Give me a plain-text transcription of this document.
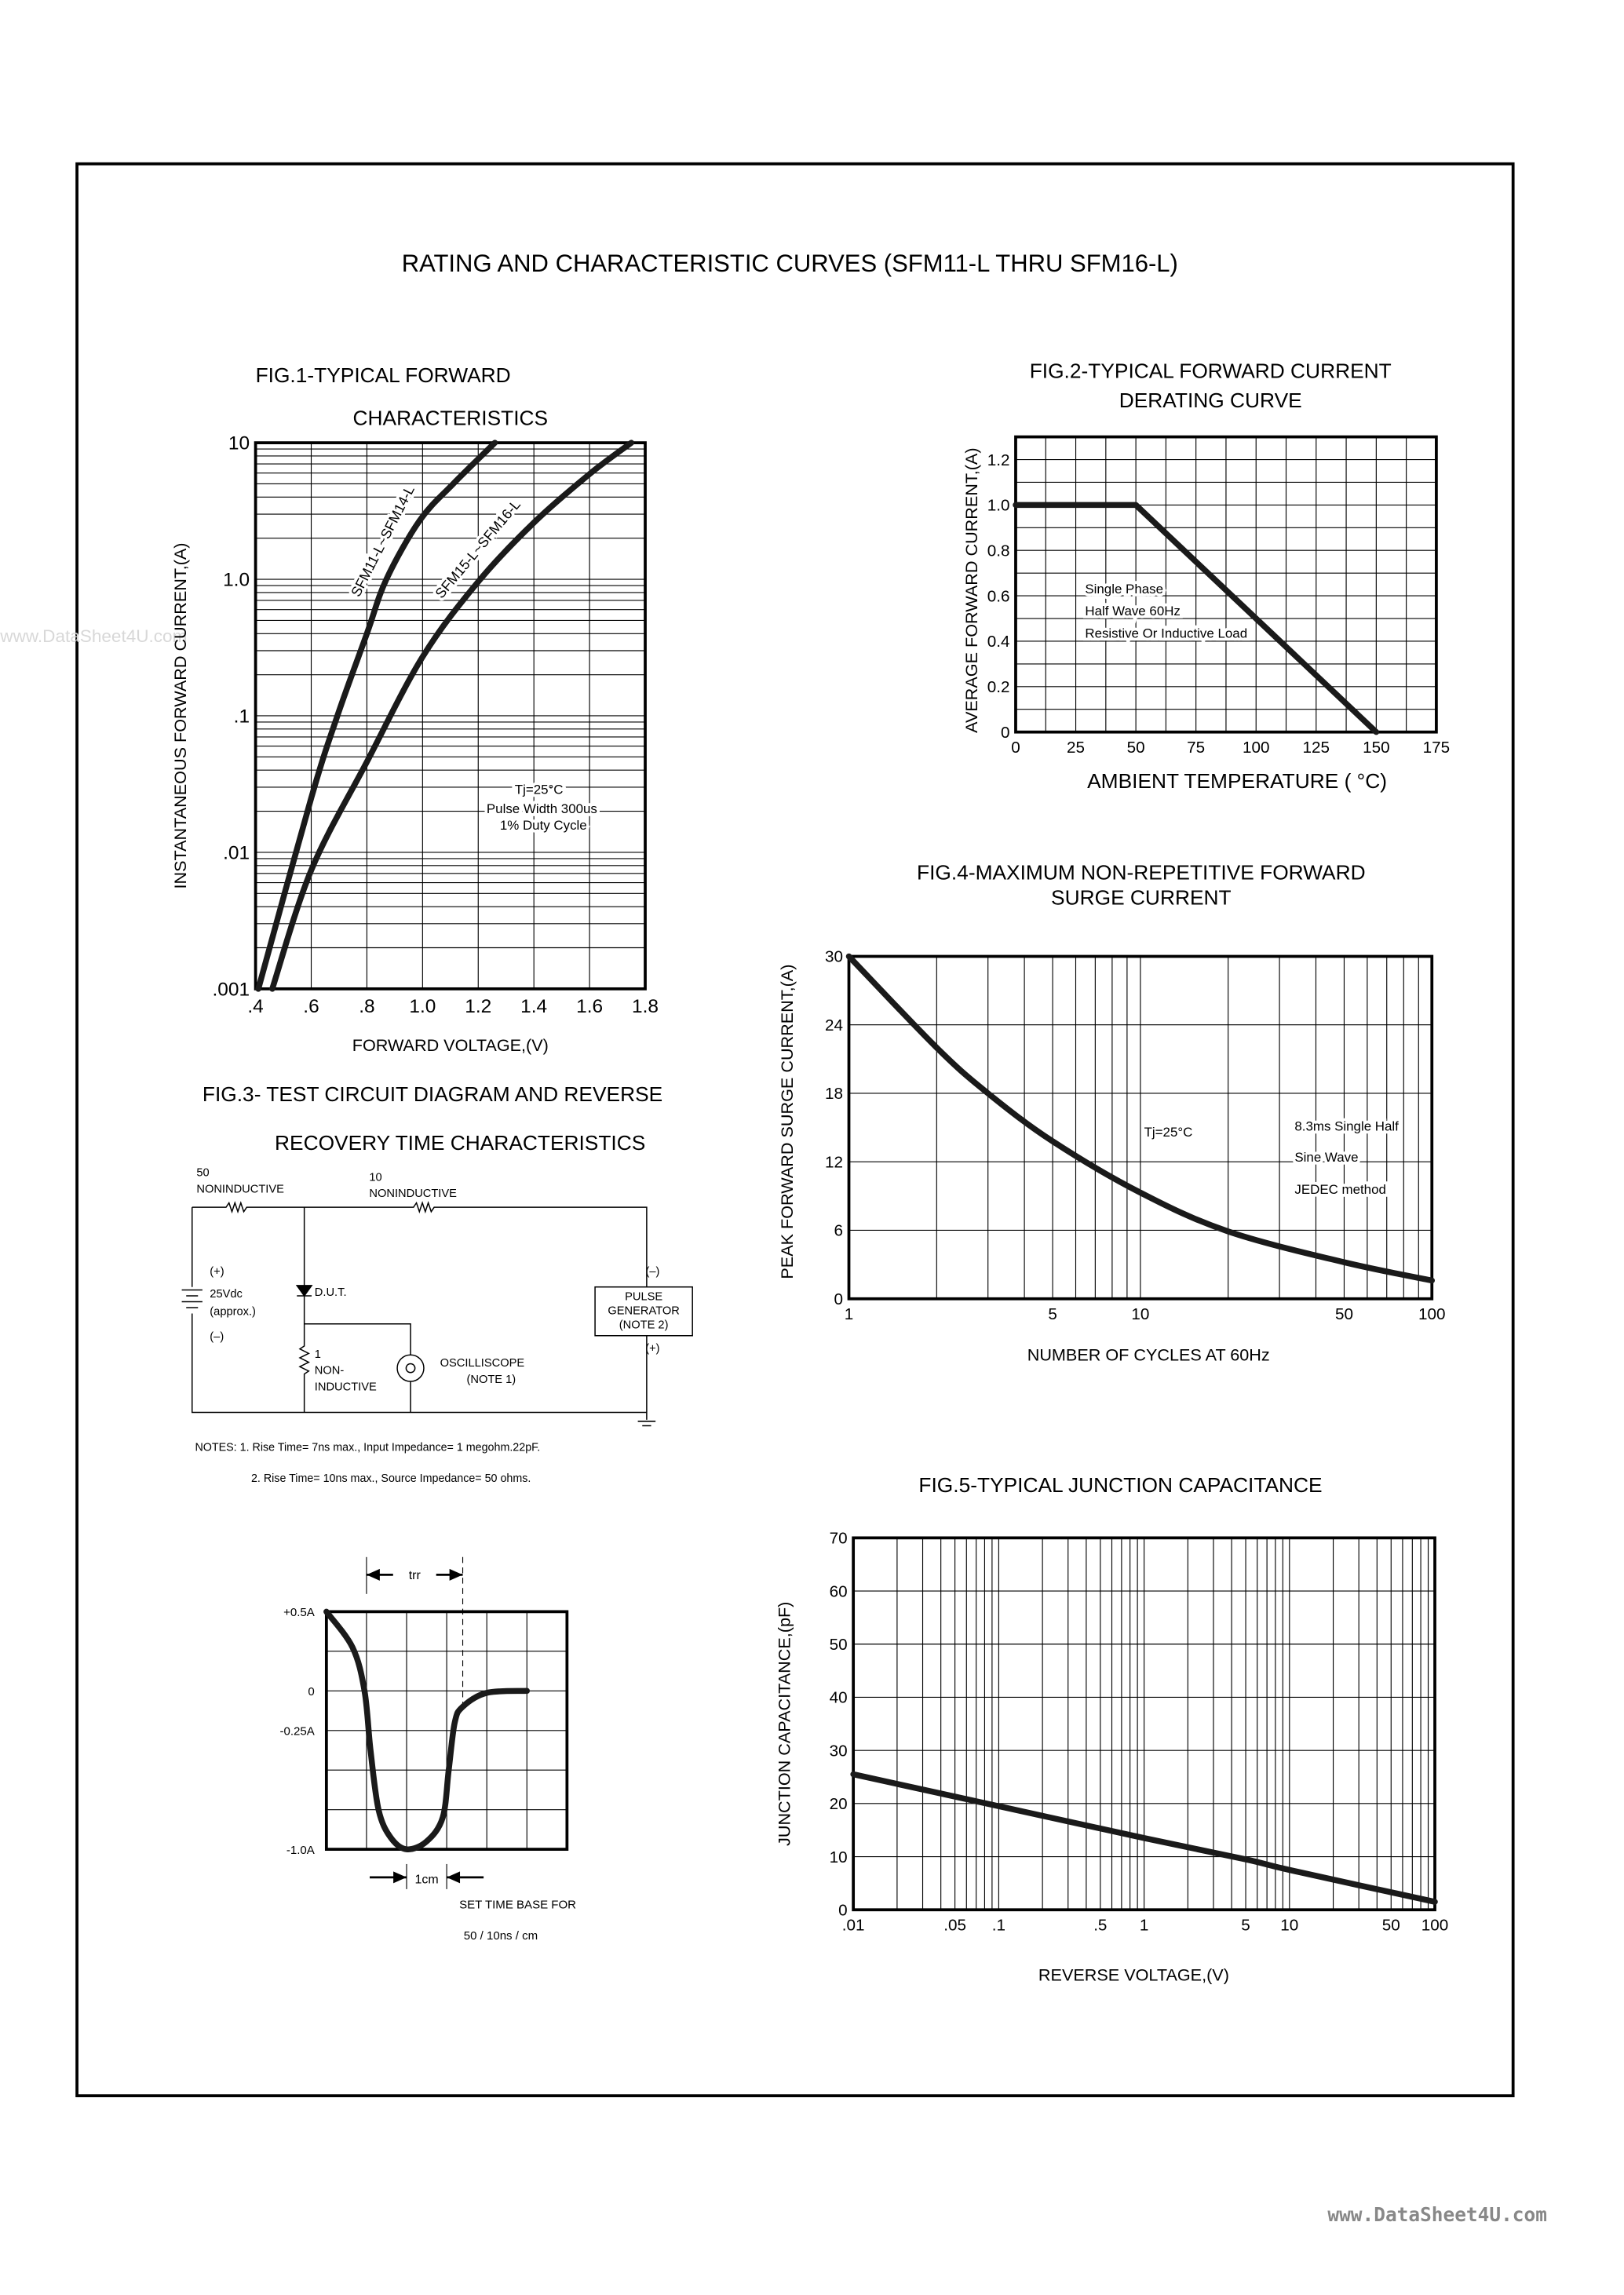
RATING AND CHARACTERISTIC CURVES (SFM11-L THRU SFM16-L)
www.DataSheet4U.com
www.DataSheet4U.com
.4	.6	.8	1.0	1.2	1.4	1.6	1.8
.001
.01
.1
1.0
10
FIG.1-TYPICAL FORWARD
CHARACTERISTICS
FORWARD VOLTAGE,(V)
INSTANTANEOUS FORWARD CURRENT,(A)
SFM11-L~SFM14-L SFM15-L~SFM16-L
Tj=25°C
Pulse Width 300us
1% Duty Cycle
0	25	50	75	100	125	150	175
0
0.2
0.4
0.6
0.8
1.0
1.2
FIG.2-TYPICAL FORWARD CURRENT
DERATING CURVE
AMBIENT TEMPERATURE ( °C)
AVERAGE FORWARD CURRENT,(A)	Single Phase
Half Wave 60Hz
Resistive Or Inductive Load
1	5	10	50	100
0
6
12
18
24
30
FIG.4-MAXIMUM NON-REPETITIVE FORWARD
SURGE CURRENT
NUMBER OF CYCLES AT 60Hz
PEAK FORWARD SURGE CURRENT,(A)	Tj=25°C	8.3ms Single Half
Sine Wave
JEDEC method
.01	.05	.1	.5	1	5	10	50 100
0
10
20
30
40
50
60
70
FIG.5-TYPICAL JUNCTION CAPACITANCE
REVERSE VOLTAGE,(V)
JUNCTION CAPACITANCE,(pF)
FIG.3- TEST CIRCUIT DIAGRAM AND REVERSE
RECOVERY TIME CHARACTERISTICS
50
NONINDUCTIVE
10
NONINDUCTIVE
(+)
25Vdc
(approx.)
(–)
D.U.T.
1
NON-
INDUCTIVE
OSCILLISCOPE
(NOTE 1)
PULSE
GENERATOR
(NOTE 2)
(–)
(+)
NOTES: 1. Rise Time= 7ns max., Input Impedance= 1 megohm.22pF.
2. Rise Time= 10ns max., Source Impedance= 50 ohms.
trr
1cm
+0.5A
0
-0.25A
-1.0A
SET TIME BASE FOR
50 / 10ns / cm
